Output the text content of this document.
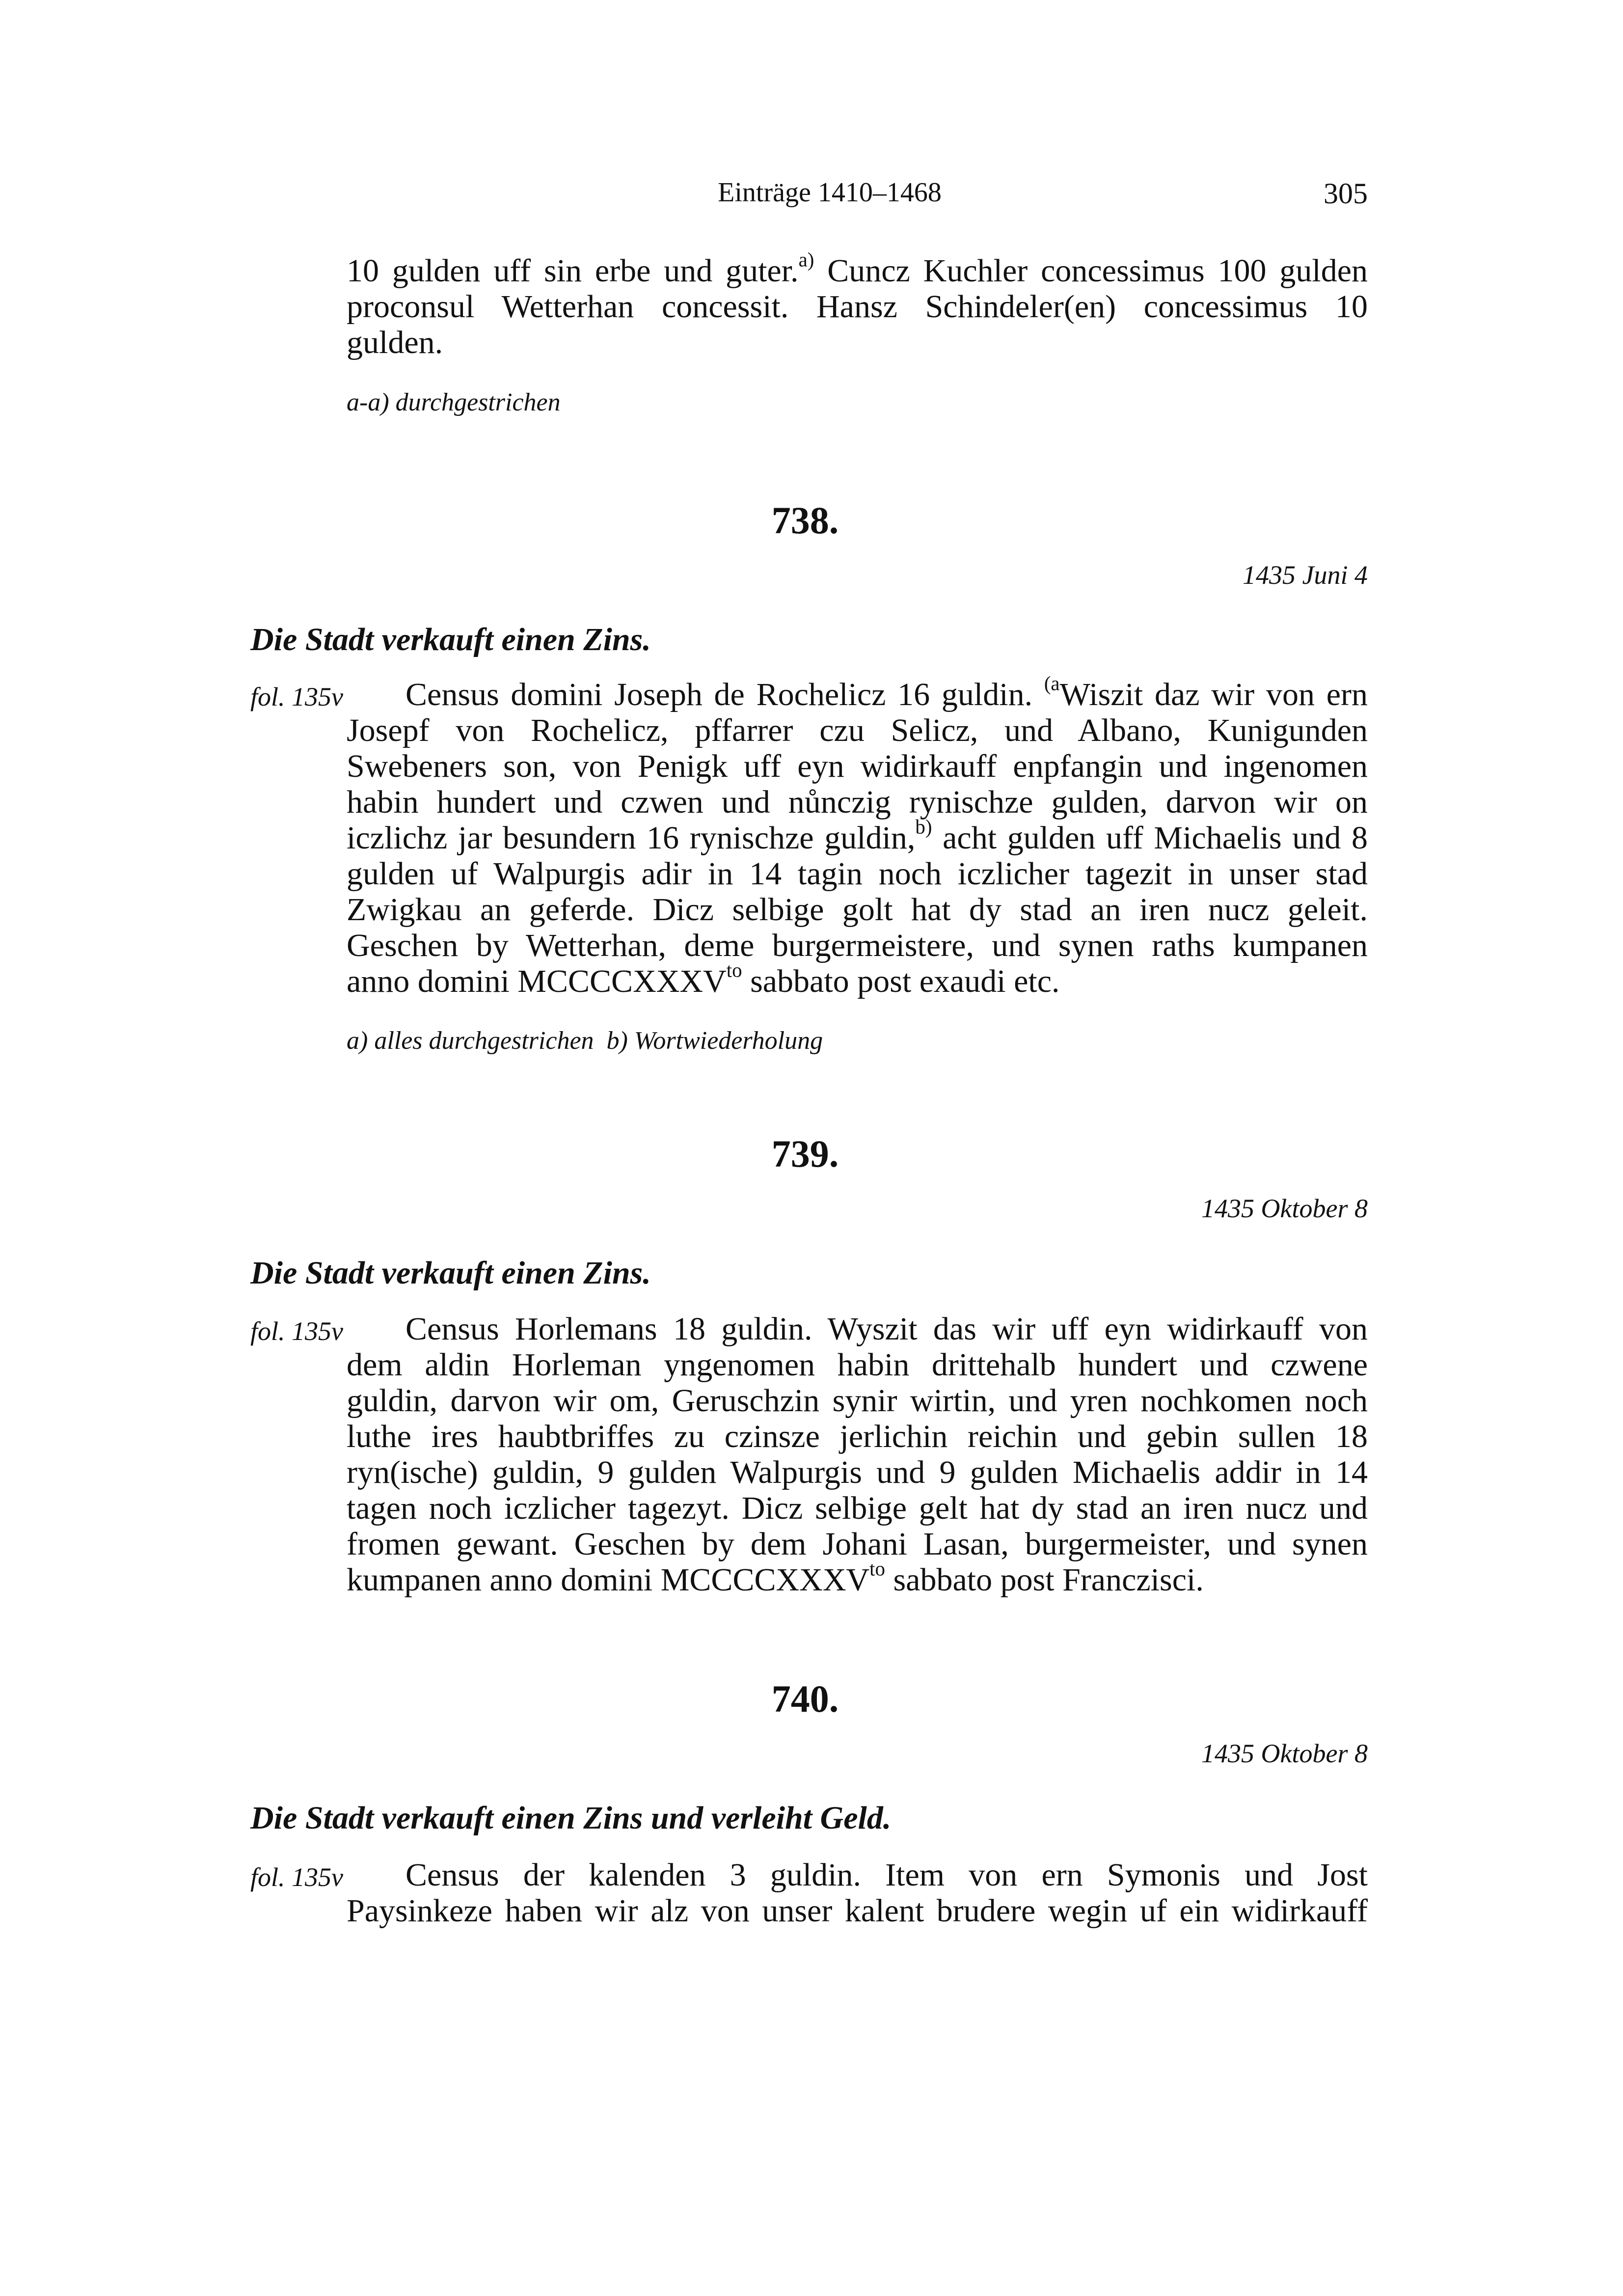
Einträge 1410–1468	305
10 gulden uff sin erbe und guter.$^{a)}$ Cuncz Kuchler concessimus 100 gulden
proconsul Wetterhan concessit. Hansz Schindeler(en) concessimus 10
gulden.
a-a) durchgestrichen
738.
1435 Juni 4
Die Stadt verkauft einen Zins.
fol. 135v	Census domini Joseph de Rochelicz 16 guldin. $^{(a}$Wiszit daz wir von ern
Josepf von Rochelicz, pffarrer czu Selicz, und Albano, Kunigunden
Swebeners son, von Penigk uff eyn widirkauff enpfangin und ingenomen
habin hundert und czwen und nůnczig rynischze gulden, darvon wir on
iczlichz jar besundern 16 rynischze guldin,$^{b)}$ acht gulden uff Michaelis und 8
gulden uf Walpurgis adir in 14 tagin noch iczlicher tagezit in unser stad
Zwigkau an geferde. Dicz selbige golt hat dy stad an iren nucz geleit.
Geschen by Wetterhan, deme burgermeistere, und synen raths kumpanen
anno domini $MCCCCXXXV^{to}$ sabbato post exaudi etc.
a) alles durchgestrichen  b) Wortwiederholung
739.
1435 Oktober 8
Die Stadt verkauft einen Zins.
fol. 135v	Census Horlemans 18 guldin. Wyszit das wir uff eyn widirkauff von
dem aldin Horleman yngenomen habin drittehalb hundert und czwene
guldin, darvon wir om, Geruschzin synir wirtin, und yren nochkomen noch
luthe ires haubtbriffes zu czinsze jerlichin reichin und gebin sullen 18
ryn(ische) guldin, 9 gulden Walpurgis und 9 gulden Michaelis addir in 14
tagen noch iczlicher tagezyt. Dicz selbige gelt hat dy stad an iren nucz und
fromen gewant. Geschen by dem Johani Lasan, burgermeister, und synen
kumpanen anno domini $MCCCCXXXV^{to}$ sabbato post Franczisci.
740.
1435 Oktober 8
Die Stadt verkauft einen Zins und verleiht Geld.
fol. 135v	Census der kalenden 3 guldin. Item von ern Symonis und Jost
Paysinkeze haben wir alz von unser kalent brudere wegin uf ein widirkauff
